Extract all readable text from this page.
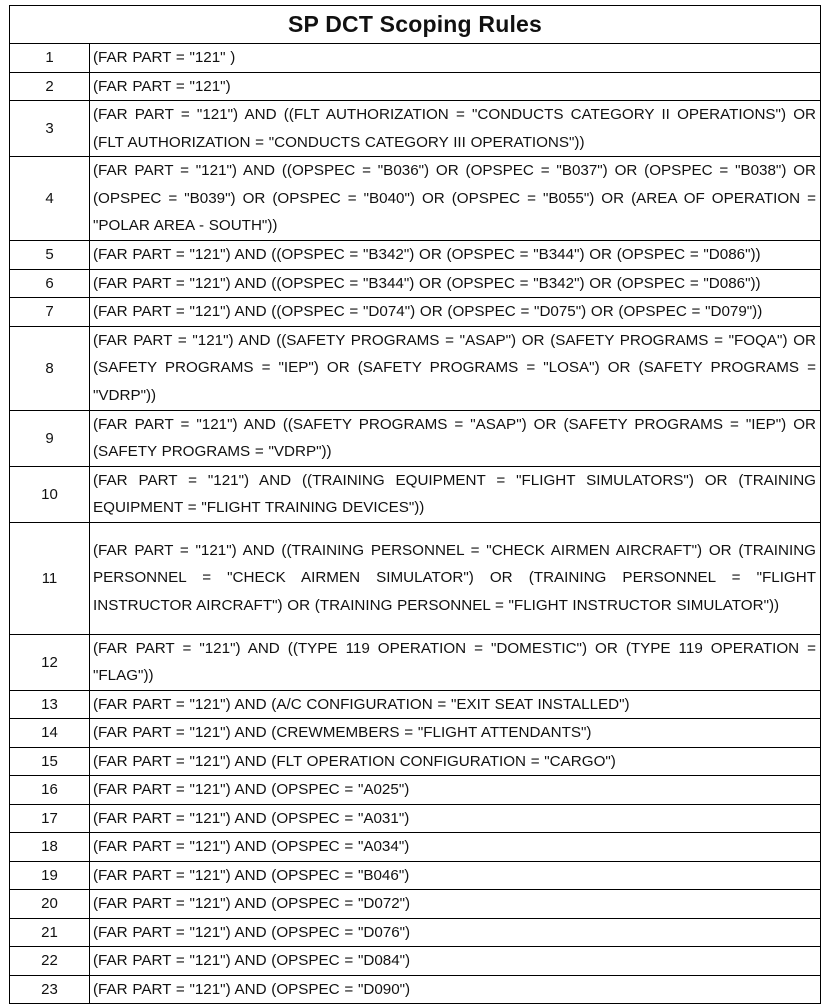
SP DCT Scoping Rules	
1	(FAR PART = "121" )
2	(FAR PART = "121")
3	(FAR PART = "121") AND ((FLT AUTHORIZATION = "CONDUCTS CATEGORY II OPERATIONS") OR (FLT AUTHORIZATION = "CONDUCTS CATEGORY III OPERATIONS"))
4	(FAR PART = "121") AND ((OPSPEC = "B036") OR (OPSPEC = "B037") OR (OPSPEC = "B038") OR (OPSPEC = "B039") OR (OPSPEC = "B040") OR (OPSPEC = "B055") OR (AREA OF OPERATION = "POLAR AREA - SOUTH"))
5	(FAR PART = "121") AND ((OPSPEC = "B342") OR (OPSPEC = "B344") OR (OPSPEC = "D086"))
6	(FAR PART = "121") AND ((OPSPEC = "B344") OR (OPSPEC = "B342") OR (OPSPEC = "D086"))
7	(FAR PART = "121") AND ((OPSPEC = "D074") OR (OPSPEC = "D075") OR (OPSPEC = "D079"))
8	(FAR PART = "121") AND ((SAFETY PROGRAMS = "ASAP") OR (SAFETY PROGRAMS = "FOQA") OR (SAFETY PROGRAMS = "IEP") OR (SAFETY PROGRAMS = "LOSA") OR (SAFETY PROGRAMS = "VDRP"))
9	(FAR PART = "121") AND ((SAFETY PROGRAMS = "ASAP") OR (SAFETY PROGRAMS = "IEP") OR (SAFETY PROGRAMS = "VDRP"))
10	(FAR PART = "121") AND ((TRAINING EQUIPMENT = "FLIGHT SIMULATORS") OR (TRAINING EQUIPMENT = "FLIGHT TRAINING DEVICES"))
11	(FAR PART = "121") AND ((TRAINING PERSONNEL = "CHECK AIRMEN AIRCRAFT") OR (TRAINING PERSONNEL = "CHECK AIRMEN SIMULATOR") OR (TRAINING PERSONNEL = "FLIGHT INSTRUCTOR AIRCRAFT") OR (TRAINING PERSONNEL = "FLIGHT INSTRUCTOR SIMULATOR"))
12	(FAR PART = "121") AND ((TYPE 119 OPERATION = "DOMESTIC") OR (TYPE 119 OPERATION = "FLAG"))
13	(FAR PART = "121") AND (A/C CONFIGURATION = "EXIT SEAT INSTALLED")
14	(FAR PART = "121") AND (CREWMEMBERS = "FLIGHT ATTENDANTS")
15	(FAR PART = "121") AND (FLT OPERATION CONFIGURATION = "CARGO")
16	(FAR PART = "121") AND (OPSPEC = "A025")
17	(FAR PART = "121") AND (OPSPEC = "A031")
18	(FAR PART = "121") AND (OPSPEC = "A034")
19	(FAR PART = "121") AND (OPSPEC = "B046")
20	(FAR PART = "121") AND (OPSPEC = "D072")
21	(FAR PART = "121") AND (OPSPEC = "D076")
22	(FAR PART = "121") AND (OPSPEC = "D084")
23	(FAR PART = "121") AND (OPSPEC = "D090")
